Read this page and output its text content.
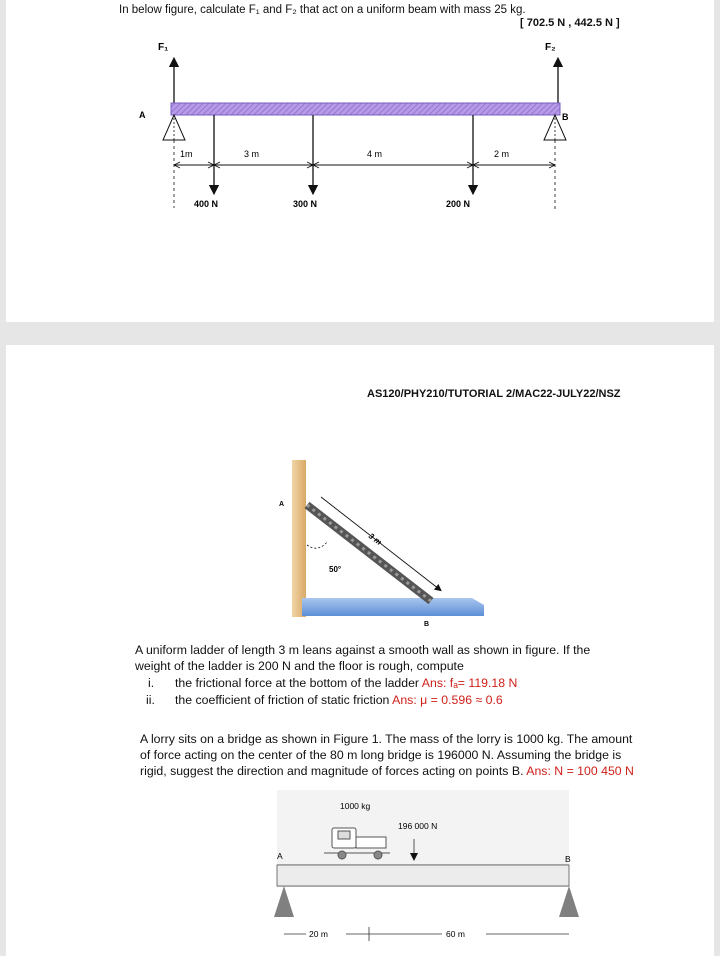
In below figure, calculate F₁ and F₂ that act on a uniform beam with mass 25 kg.
[ 702.5 N , 442.5 N ]
F₁	F₂
A	B
1m	3 m	4 m	2 m
400 N	300 N	200 N
AS120/PHY210/TUTORIAL 2/MAC22-JULY22/NSZ
3 m
50°
A
B
20 m	60 m
1000 kg
196 000 N
A	B
A uniform ladder of length 3 m leans against a smooth wall as shown in figure. If the
weight of the ladder is 200 N and the floor is rough, compute
i. the frictional force at the bottom of the ladder Ans: fₐ= 119.18 N
ii. the coefficient of friction of static friction Ans: μ = 0.596 ≈ 0.6
A lorry sits on a bridge as shown in Figure 1. The mass of the lorry is 1000 kg. The amount
of force acting on the center of the 80 m long bridge is 196000 N. Assuming the bridge is
rigid, suggest the direction and magnitude of forces acting on points B. Ans: N = 100 450 N
